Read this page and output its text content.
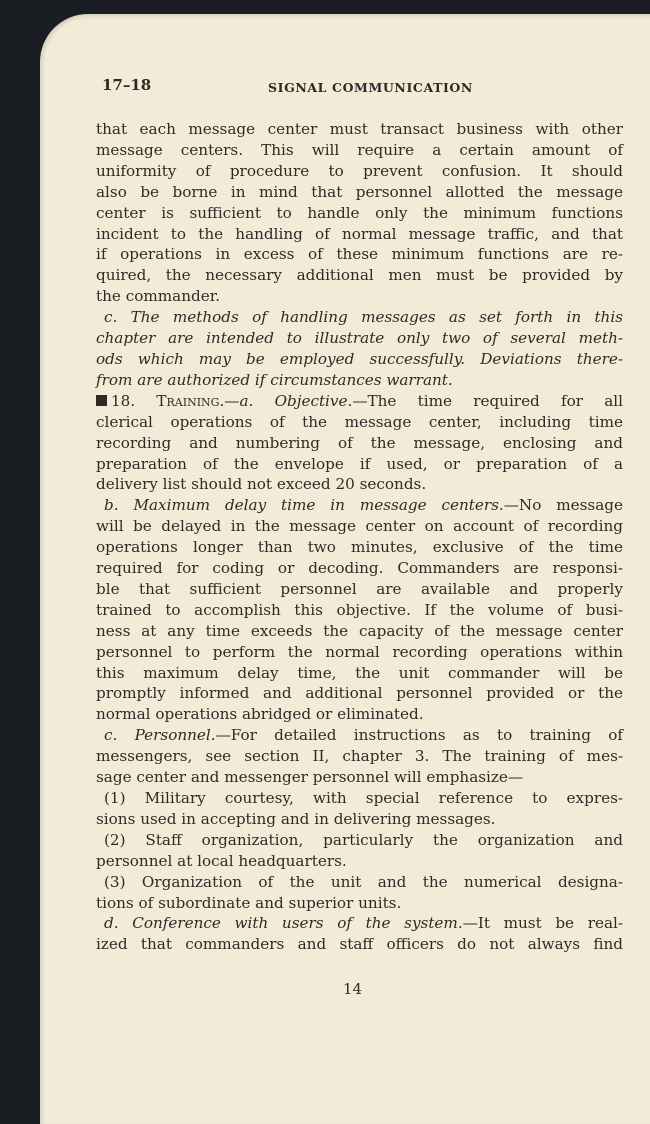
17–18	SIGNAL COMMUNICATION
that each message center must transact business with other
message centers. This will require a certain amount of
uniformity of procedure to prevent confusion. It should
also be borne in mind that personnel allotted the message
center is sufficient to handle only the minimum functions
incident to the handling of normal message traffic, and that
if operations in excess of these minimum functions are re-
quired, the necessary additional men must be provided by
the commander.
c. The methods of handling messages as set forth in this
chapter are intended to illustrate only two of several meth-
ods which may be employed successfully. Deviations there-
from are authorized if circumstances warrant.
18. Training.—a. Objective.—The time required for all
clerical operations of the message center, including time
recording and numbering of the message, enclosing and
preparation of the envelope if used, or preparation of a
delivery list should not exceed 20 seconds.
b. Maximum delay time in message centers.—No message
will be delayed in the message center on account of recording
operations longer than two minutes, exclusive of the time
required for coding or decoding. Commanders are responsi-
ble that sufficient personnel are available and properly
trained to accomplish this objective. If the volume of busi-
ness at any time exceeds the capacity of the message center
personnel to perform the normal recording operations within
this maximum delay time, the unit commander will be
promptly informed and additional personnel provided or the
normal operations abridged or eliminated.
c. Personnel.—For detailed instructions as to training of
messengers, see section II, chapter 3. The training of mes-
sage center and messenger personnel will emphasize—
(1) Military courtesy, with special reference to expres-
sions used in accepting and in delivering messages.
(2) Staff organization, particularly the organization and
personnel at local headquarters.
(3) Organization of the unit and the numerical designa-
tions of subordinate and superior units.
d. Conference with users of the system.—It must be real-
ized that commanders and staff officers do not always find
14
